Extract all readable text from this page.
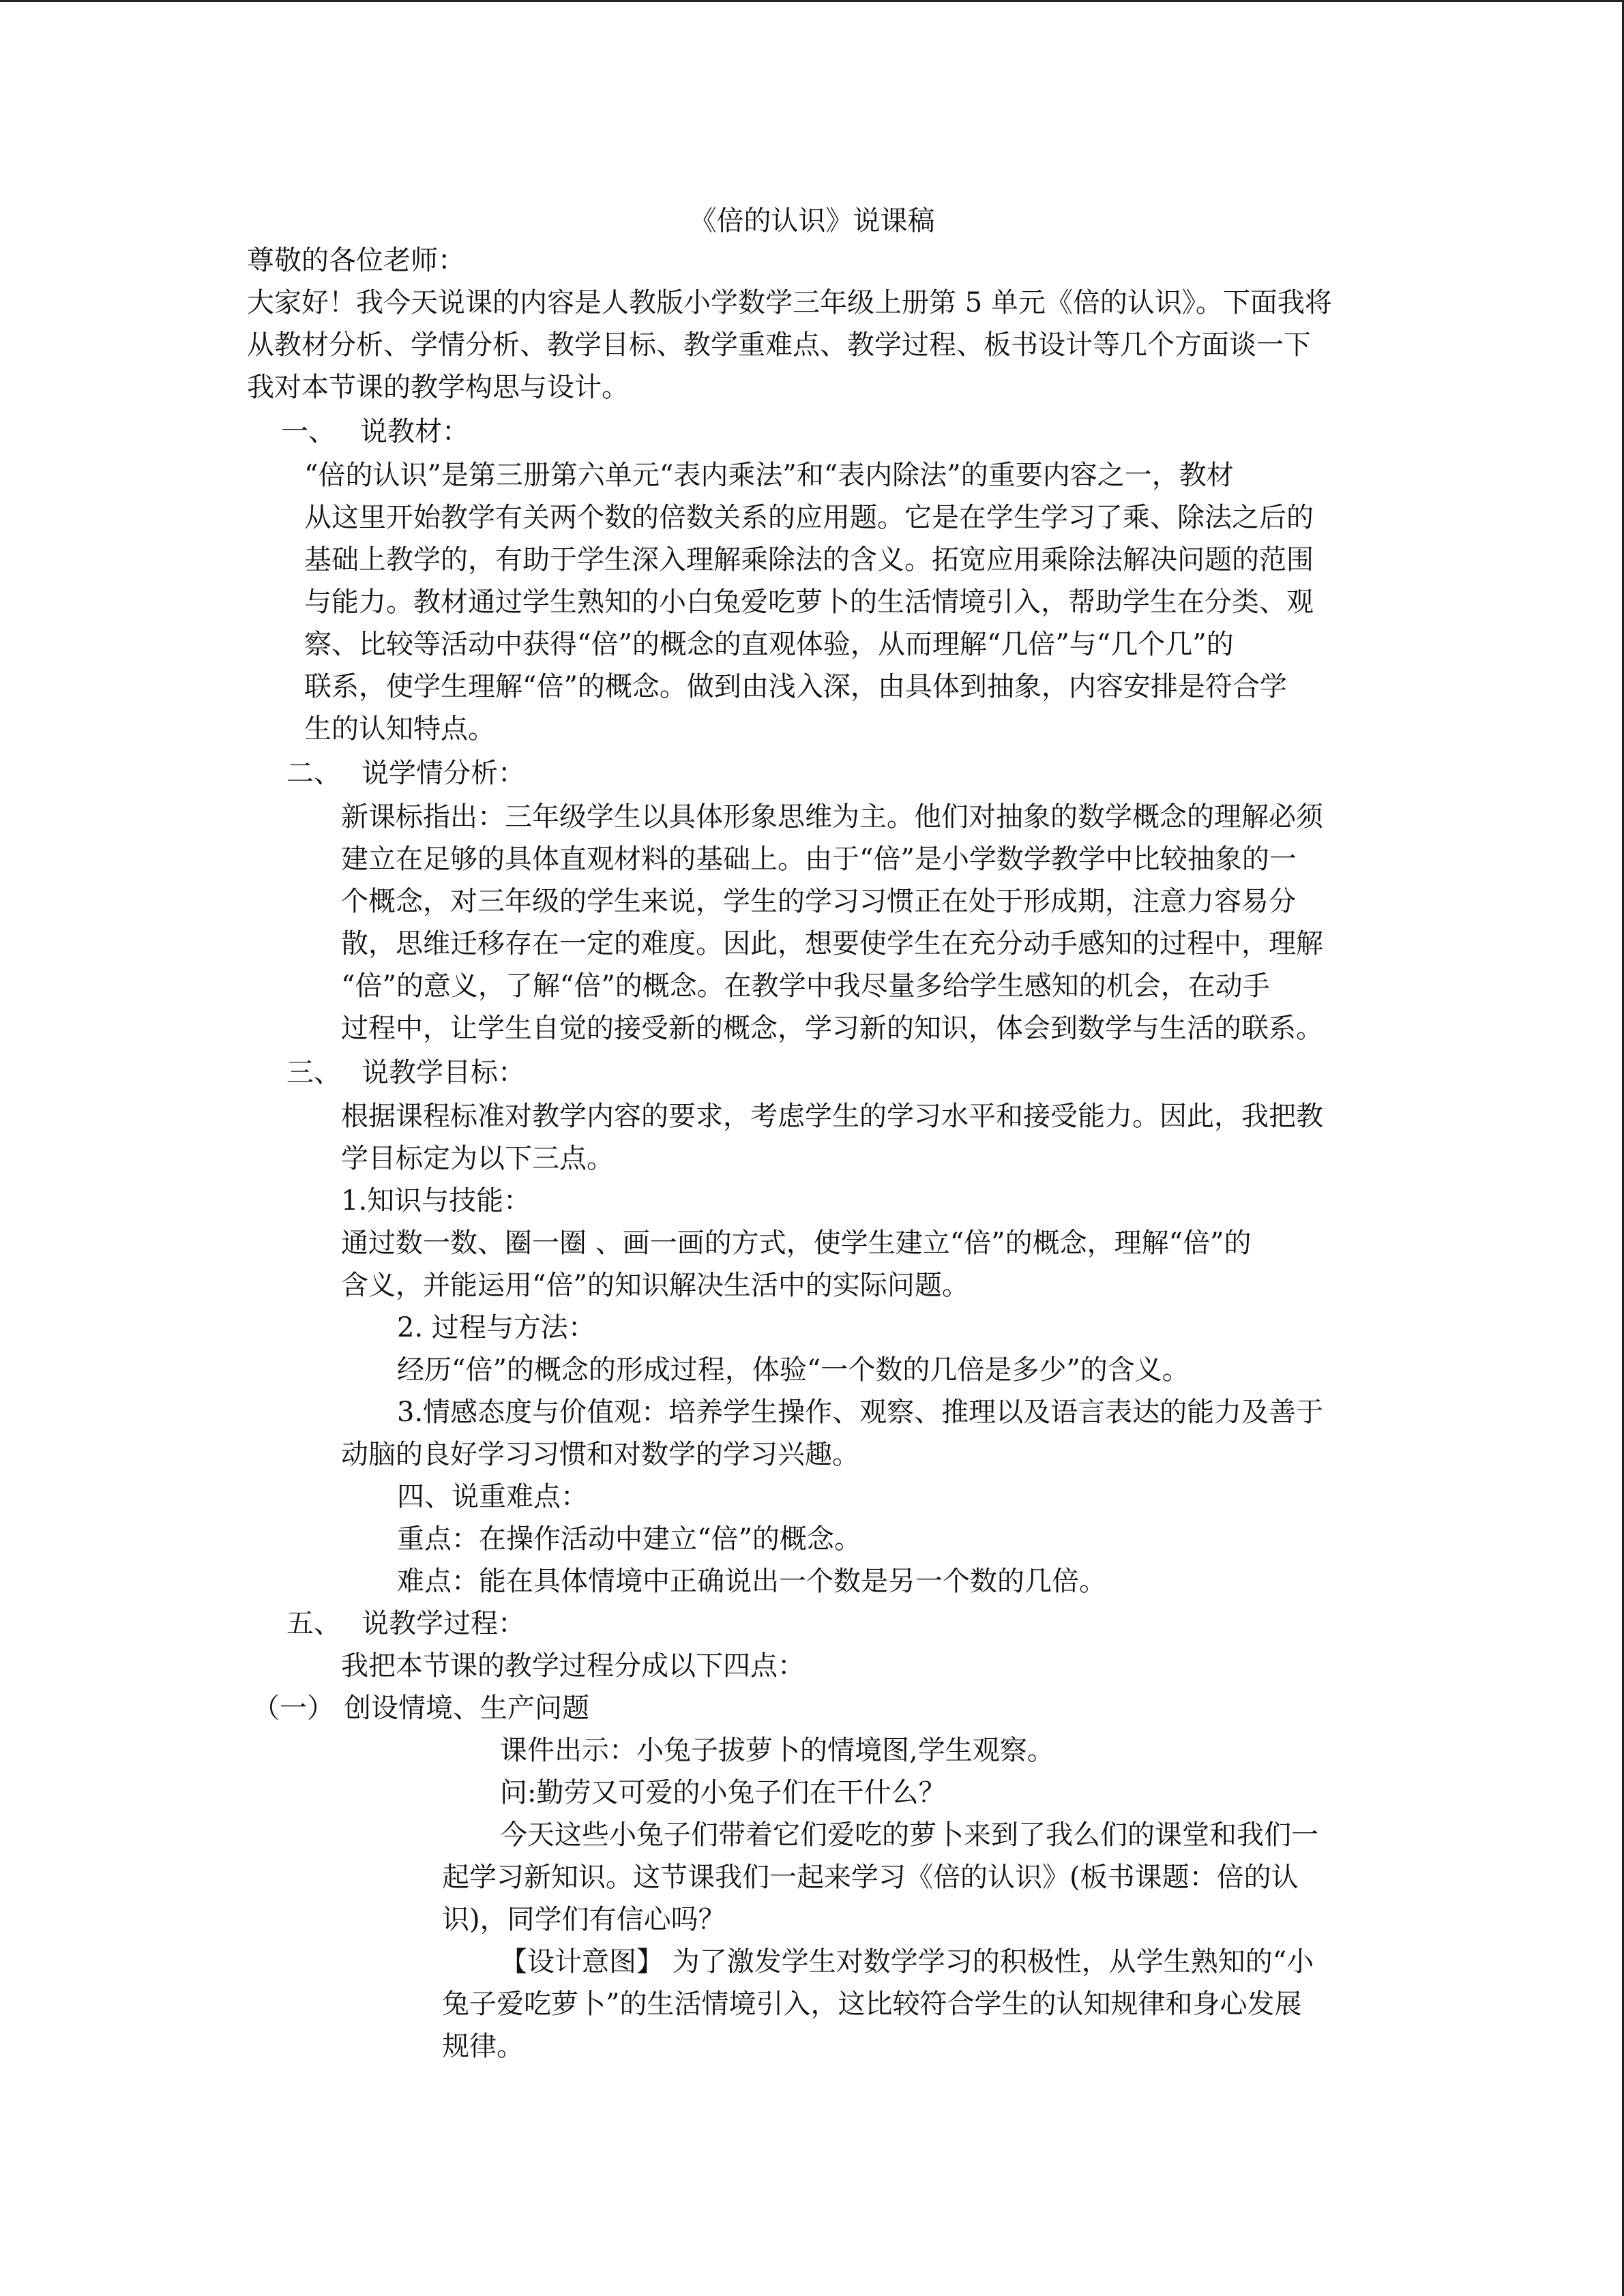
《倍的认识》说课稿
尊敬的各位老师：
大家好！我今天说课的内容是人教版小学数学三年级上册第 5 单元《倍的认识》。下面我将
从教材分析、学情分析、教学目标、教学重难点、教学过程、板书设计等几个方面谈一下
我对本节课的教学构思与设计。
一、 说教材：
“倍的认识”是第三册第六单元“表内乘法”和“表内除法”的重要内容之一，教材
从这里开始教学有关两个数的倍数关系的应用题。它是在学生学习了乘、除法之后的
基础上教学的，有助于学生深入理解乘除法的含义。拓宽应用乘除法解决问题的范围
与能力。教材通过学生熟知的小白兔爱吃萝卜的生活情境引入，帮助学生在分类、观
察、比较等活动中获得“倍”的概念的直观体验，从而理解“几倍”与“几个几”的
联系，使学生理解“倍”的概念。做到由浅入深，由具体到抽象，内容安排是符合学
生的认知特点。
二、 说学情分析：
新课标指出：三年级学生以具体形象思维为主。他们对抽象的数学概念的理解必须
建立在足够的具体直观材料的基础上。由于“倍”是小学数学教学中比较抽象的一
个概念，对三年级的学生来说，学生的学习习惯正在处于形成期，注意力容易分
散，思维迁移存在一定的难度。因此，想要使学生在充分动手感知的过程中，理解
“倍”的意义，了解“倍”的概念。在教学中我尽量多给学生感知的机会，在动手
过程中，让学生自觉的接受新的概念，学习新的知识，体会到数学与生活的联系。
三、 说教学目标：
根据课程标准对教学内容的要求，考虑学生的学习水平和接受能力。因此，我把教
学目标定为以下三点。
1.知识与技能：
通过数一数、圈一圈 、画一画的方式，使学生建立“倍”的概念，理解“倍”的
含义，并能运用“倍”的知识解决生活中的实际问题。
2. 过程与方法：
经历“倍”的概念的形成过程，体验“一个数的几倍是多少”的含义。
3.情感态度与价值观：培养学生操作、观察、推理以及语言表达的能力及善于
动脑的良好学习习惯和对数学的学习兴趣。
四、说重难点：
重点：在操作活动中建立“倍”的概念。
难点：能在具体情境中正确说出一个数是另一个数的几倍。
五、 说教学过程：
我把本节课的教学过程分成以下四点：
（一） 创设情境、生产问题
课件出示：小兔子拔萝卜的情境图,学生观察。
问:勤劳又可爱的小兔子们在干什么？
今天这些小兔子们带着它们爱吃的萝卜来到了我么们的课堂和我们一
起学习新知识。这节课我们一起来学习《倍的认识》(板书课题：倍的认
识)，同学们有信心吗？
【设计意图】 为了激发学生对数学学习的积极性，从学生熟知的“小
兔子爱吃萝卜”的生活情境引入，这比较符合学生的认知规律和身心发展
规律。
